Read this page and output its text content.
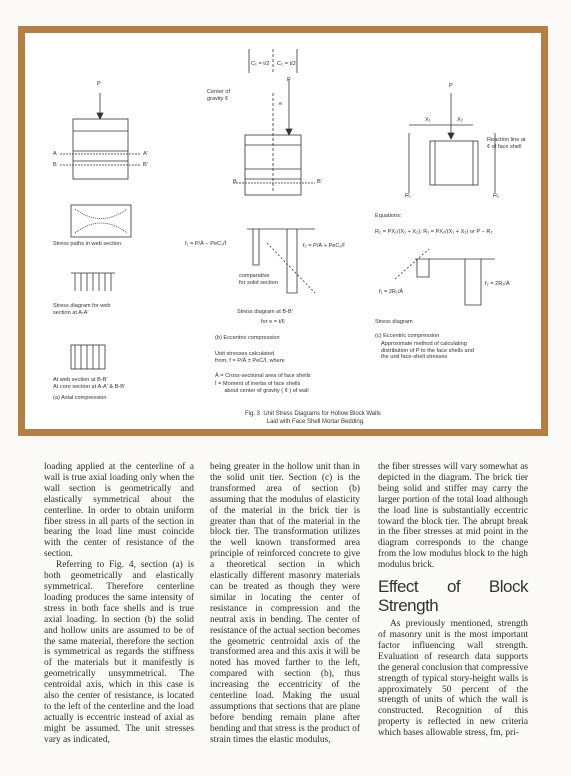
P
A	A'
B	B'
Stress paths in web section
Stress diagram for web
section at A-A'
At web section at B-B'
At core section at A-A' & B-B'
(a) Axial compression
C₁ = t/2 C₂ = t/2
Center of
gravity ¢
P
e
B	B'
f₁ = P/Ā − PeC₁/Ī	f₂ = P/Ā + PeC₂/Ī
comparative
for solid section
Stress diagram at B-B'
for e = t/6
(b) Eccentric compression
Unit stresses calculated
from, f = P/Ā ± PeC/Ī, where
Ā = Cross-sectional area of face shells
Ī = Moment of inertia of face shells
about center of gravity ( ¢ ) of wall
P
X₁	X₂
Reaction line at
¢ of face shell
R₁	R₂
Equations:
R₂ = PX₁/(X₁ + X₂); R₁ = PX₂/(X₁ + X₂) or P − R₂
f₂ = 2R₂/Ā
f₁ = 2R₁/Ā
Stress diagram
(c) Eccentric compression
Approximate method of calculating
distribution of P to the face shells and
the unit face-shell stresses
Fig. 3  Unit Stress Diagrams for Hollow Block Walls
Laid with Face Shell Mortar Bedding.

loading applied at the centerline of a wall is true axial loading only when the wall section is geometrically and elastically symmetrical about the centerline. In order to obtain uniform fiber stress in all parts of the section in bearing the load line must coincide with the center of resistance of the section.

Referring to Fig. 4, section (a) is both geometrically and elastically symmetrical. Therefore centerline loading produces the same intensity of stress in both face shells and is true axial loading. In section (b) the solid and hollow units are assumed to be of the same material, therefore the section is symmetrical as regards the stiffness of the materials but it manifestly is geometrically unsymmetrical. The centroidal axis, which in this case is also the center of resistance, is located to the left of the centerline and the load actually is eccentric instead of axial as might be assumed. The unit stresses vary as indicated,

being greater in the hollow unit than in the solid unit tier. Section (c) is the transformed area of section (b) assuming that the modulus of elasticity of the material in the brick tier is greater than that of the material in the block tier. The transformation utilizes the well known transformed area principle of reinforced concrete to give a theoretical section in which elastically different masonry materials can be treated as though they were similar in locating the center of resistance in compression and the neutral axis in bending. The center of resistance of the actual section becomes the geometric centroidal axis of the transformed area and this axis it will be noted has moved farther to the left, compared with section (b), thus increasing the eccentricity of the centerline load. Making the usual assumptions that sections that are plane before bending remain plane after bending and that stress is the product of strain times the elastic modulus,

the fiber stresses will vary somewhat as depicted in the diagram. The brick tier being solid and stiffer may carry the larger portion of the total load although the load line is substantially eccentric toward the block tier. The abrupt break in the fiber stresses at mid point in the diagram corresponds to the change from the low modulus block to the high modulus brick.

Effect of Block Strength

As previously mentioned, strength of masonry unit is the most important factor influencing wall strength. Evaluation of research data supports the general conclusion that compressive strength of typical story-height walls is approximately 50 percent of the strength of units of which the wall is constructed. Recognition of this property is reflected in new criteria which bases allowable stress, fm, pri-
